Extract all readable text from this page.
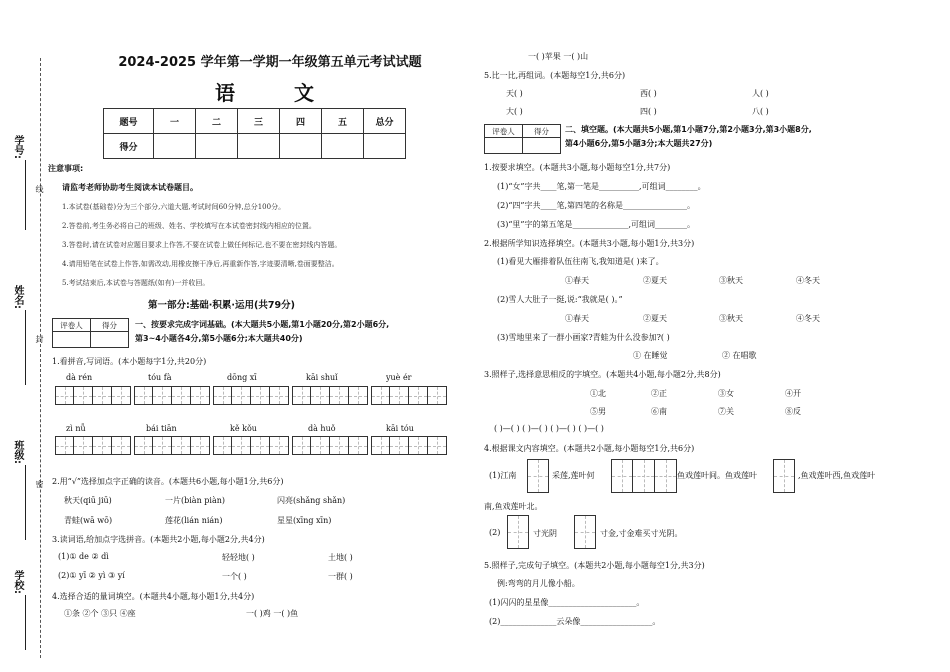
学号:
姓名:
班级:
学校:
线
封
密
2024-2025 学年第一学期一年级第五单元考试试题
语 文
题号	一	二	三	四	五	总分
得分						
注意事项:
请监考老师协助考生阅读本试卷题目。
1.本试卷(基础卷)分为三个部分,六道大题,考试时间60分钟,总分100分。
2.答卷前,考生务必将自己的班级、姓名、学校填写在本试卷密封线内相应的位置。
3.答卷时,请在试卷对应题目要求上作答,不要在试卷上做任何标记,也不要在密封线内答题。
4.请用铅笔在试卷上作答,如需改动,用橡皮擦干净后,再重新作答,字迹要清晰,卷面要整洁。
5.考试结束后,本试卷与答题纸(如有)一并收回。
第一部分:基础·积累·运用(共79分)
评卷人	得分
	一、按要求完成字词基础。(本大题共5小题,第1小题20分,第2小题6分,
第3~4小题各4分,第5小题6分;本大题共40分)
1.看拼音,写词语。(本小题每字1分,共20分)
dà rén	tóu fà	dōng xī	kāi shuǐ	yuè ér
zì nǚ	bái tiān	kě kǒu	dà huǒ	kāi tóu
2.用“√”选择加点字正确的读音。(本题共6小题,每小题1分,共6分)
秋天(qiū jiū)	一片(biàn piàn)	闪亮(shǎng shǎn)
青蛙(wā wō)	莲花(lián nián)	星星(xīng xīn)
3.读词语,给加点字选拼音。(本题共2小题,每小题2分,共4分)
(1)① de ② dì	轻轻地( )	土地( )
(2)① yī ② yì ③ yí	一个( )	一群( )
4.选择合适的量词填空。(本题共4小题,每小题1分,共4分)
①条 ②个 ③只 ④座	一( )鸡 一( )鱼
一( )苹果 一( )山
5.比一比,再组词。(本题每空1分,共6分)
天( )	西( )	人( )
大( )	四( )	八( )
评卷人	得分
	二、填空题。(本大题共5小题,第1小题7分,第2小题3分,第3小题8分,
第4小题6分,第5小题3分;本大题共27分)
1.按要求填空。(本题共3小题,每小题每空1分,共7分)
(1)“女”字共____笔,第一笔是__________,可组词________。
(2)“四”字共____笔,第四笔的名称是________________。
(3)“里”字的第五笔是______________,可组词________。
2.根据所学知识选择填空。(本题共3小题,每小题1分,共3分)
(1)看见大雁排着队伍往南飞,我知道是( )来了。
①春天	②夏天	③秋天	④冬天
(2)雪人大肚子一挺,说:“我就是( )。”
①春天	②夏天	③秋天	④冬天
(3)雪地里来了一群小画家?青蛙为什么没参加?( )
① 在睡觉	② 在唱歌
3.照样子,选择意思相反的字填空。(本题共4小题,每小题2分,共8分)
①北	②正	③女	④开
⑤男	⑥南	⑦关	⑧反
( )—( ) ( )—( ) ( )—( ) ( )—( )
4.根据课文内容填空。(本题共2小题,每小题每空1分,共6分)
(1)江南	采莲,莲叶何	鱼戏莲叶间。鱼戏莲叶	,鱼戏莲叶西,鱼戏莲叶
南,鱼戏莲叶北。
(2)	寸光阴	寸金,寸金难买寸光阴。
5.照样子,完成句子填空。(本题共2小题,每小题每空1分,共3分)
例:弯弯的月儿像小船。
(1)闪闪的星星像______________________。
(2)______________云朵像__________________。
